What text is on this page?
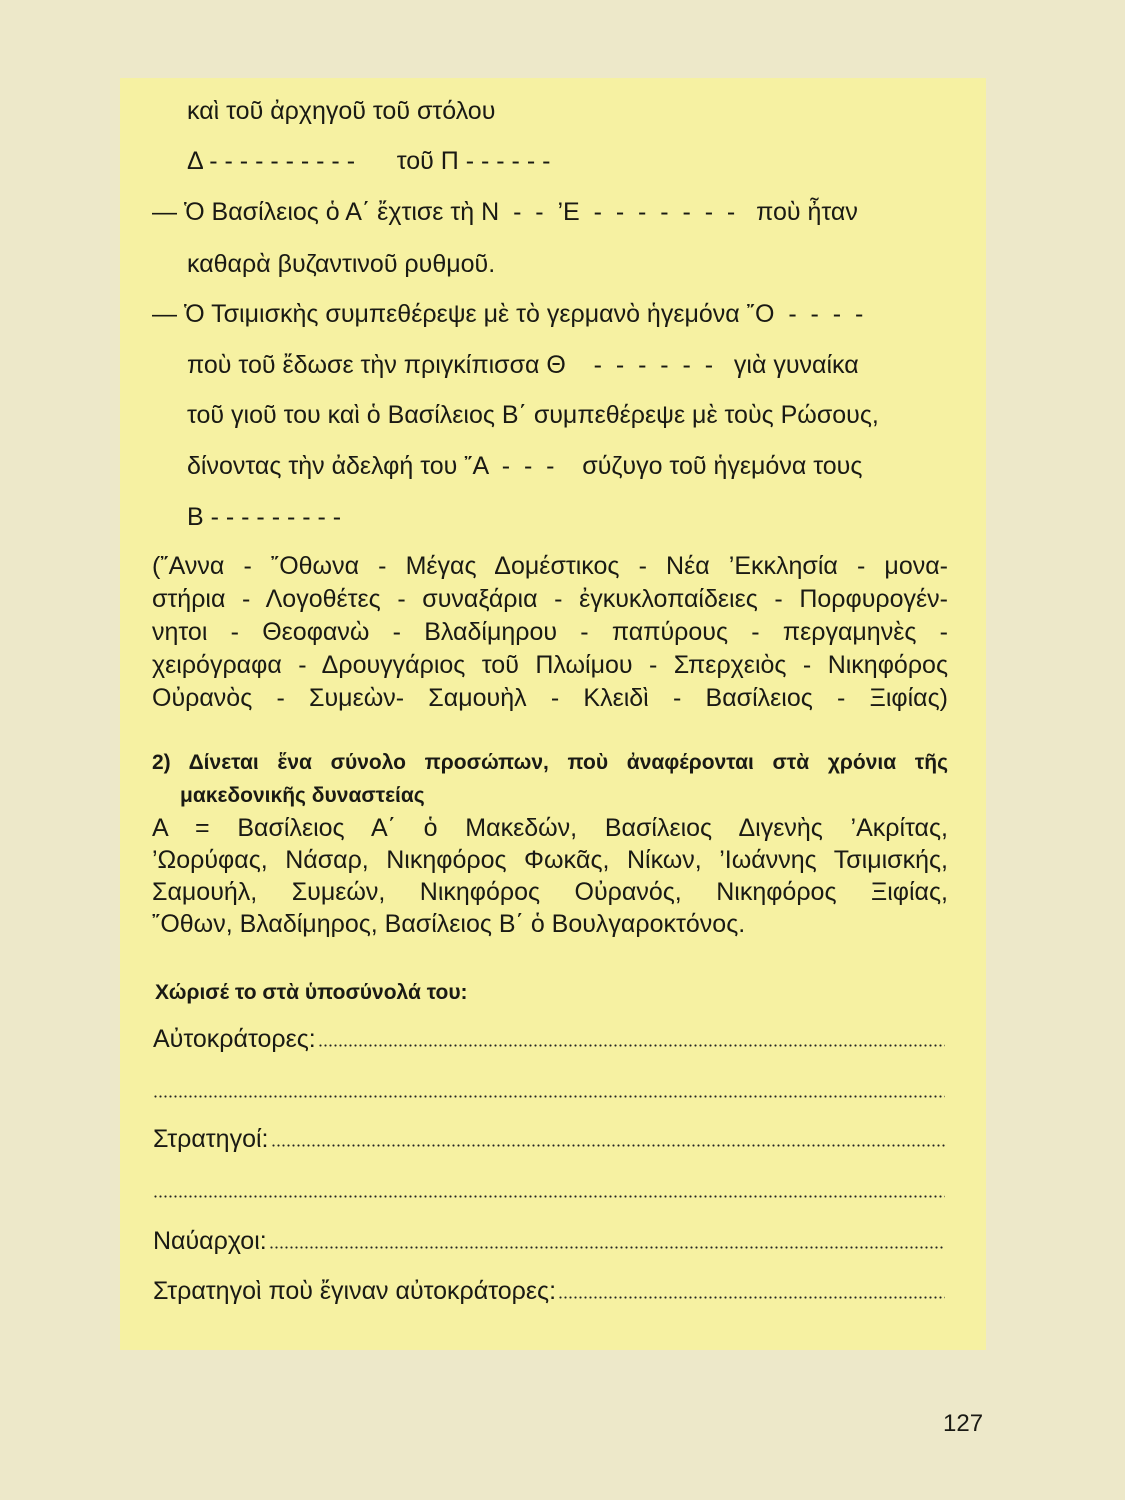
καὶ τοῦ ἀρχηγοῦ τοῦ στόλου

Δ - - - - - - - - - -      τοῦ Π - - - - - -

— Ὁ Βασίλειος ὁ Α΄ ἔχτισε τὴ Ν  -  -  ’Ε  -  -  -  -  -  -  -   ποὺ ἦταν

καθαρὰ βυζαντινοῦ ρυθμοῦ.

— Ὁ Τσιμισκὴς συμπεθέρεψε μὲ τὸ γερμανὸ ἡγεμόνα ῎Ο  -  -  -  -

ποὺ τοῦ ἔδωσε τὴν πριγκίπισσα Θ    -  -  -  -  -  -   γιὰ γυναίκα

τοῦ γιοῦ του καὶ ὁ Βασίλειος Β΄ συμπεθέρεψε μὲ τοὺς Ρώσους,

δίνοντας τὴν ἀδελφή του ῎Α  -  -  -    σύζυγο τοῦ ἡγεμόνα τους

Β - - - - - - - - -

(῎Αννα - ῎Οθωνα - Μέγας Δομέστικος - Νέα ’Εκκλησία - μονα-

στήρια - Λογοθέτες - συναξάρια - ἐγκυκλοπαίδειες - Πορφυρογέν-

νητοι - Θεοφανὼ - Βλαδίμηρου - παπύρους - περγαμηνὲς -

χειρόγραφα - Δρουγγάριος τοῦ Πλωίμου - Σπερχειὸς - Νικηφόρος

Οὐρανὸς - Συμεὼν- Σαμουὴλ - Κλειδὶ - Βασίλειος - Ξιφίας)

2) Δίνεται ἕνα σύνολο προσώπων, ποὺ ἀναφέρονται στὰ χρόνια τῆς

μακεδονικῆς δυναστείας

Α = Βασίλειος Α΄ ὁ Μακεδών, Βασίλειος Διγενὴς ’Ακρίτας,

’Ωορύφας, Νάσαρ, Νικηφόρος Φωκᾶς, Νίκων, ’Ιωάννης Τσιμισκής,

Σαμουήλ, Συμεών, Νικηφόρος Οὐρανός, Νικηφόρος Ξιφίας,

῎Οθων, Βλαδίμηρος, Βασίλειος Β΄ ὁ Βουλγαροκτόνος.

Χώρισέ το στὰ ὑποσύνολά του:

Αὐτοκράτορες:
Στρατηγοί:
Ναύαρχοι:
Στρατηγοὶ ποὺ ἔγιναν αὐτοκράτορες:
127
